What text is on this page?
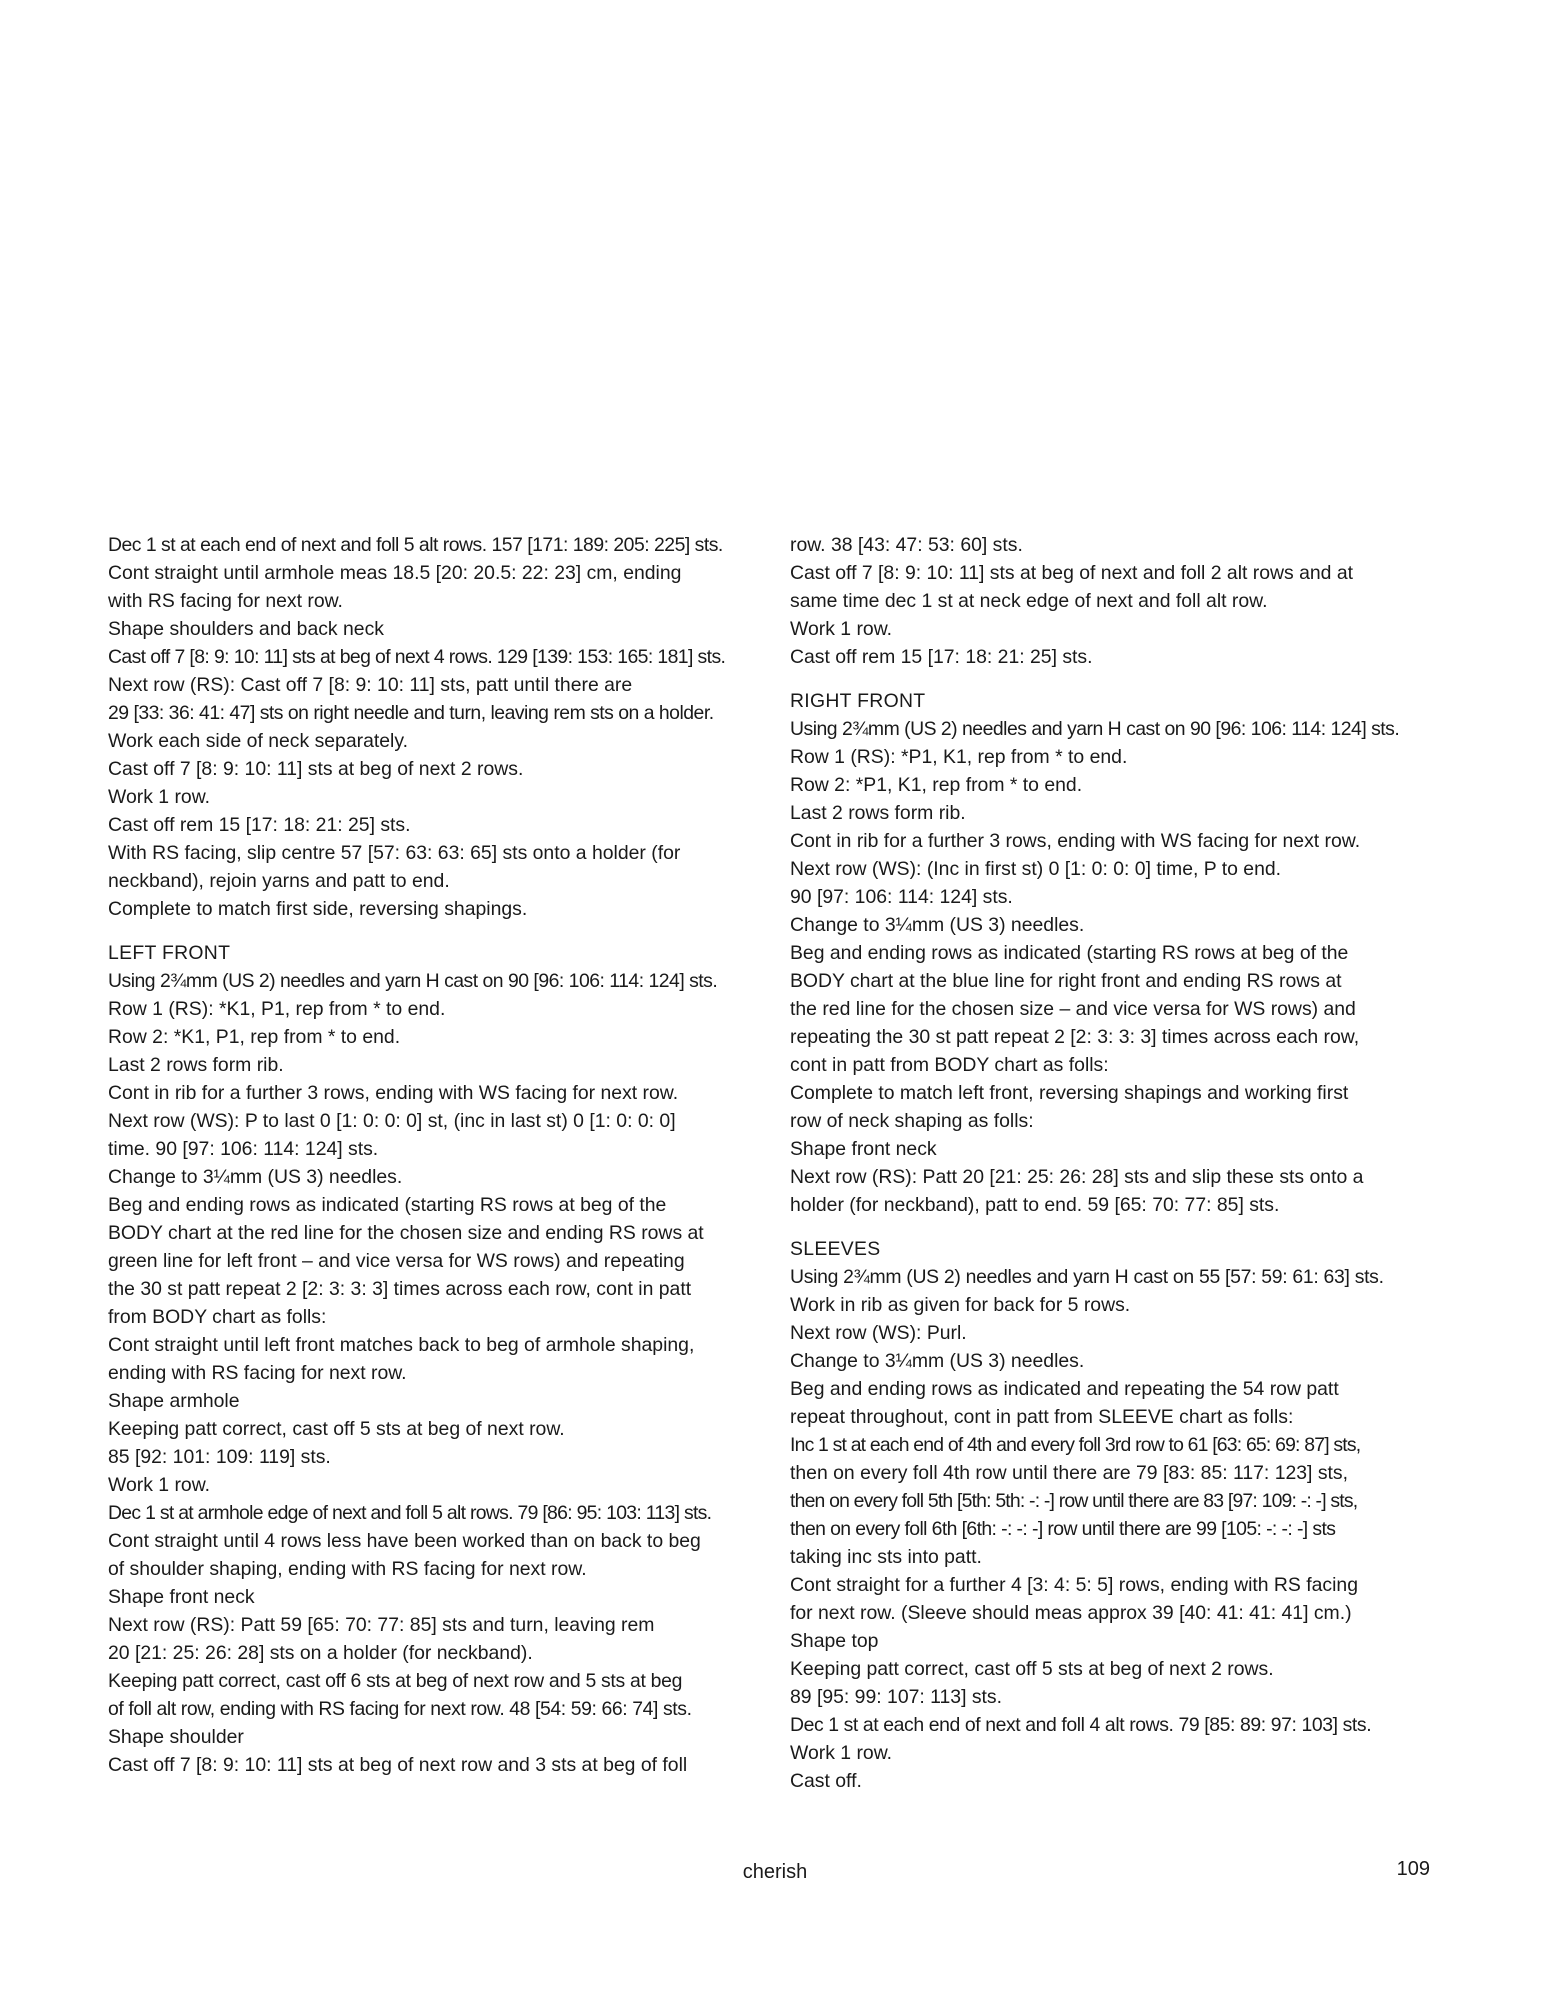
Dec 1 st at each end of next and foll 5 alt rows. 157 [171: 189: 205: 225] sts.
Cont straight until armhole meas 18.5 [20: 20.5: 22: 23] cm, ending
with RS facing for next row.
Shape shoulders and back neck
Cast off 7 [8: 9: 10: 11] sts at beg of next 4 rows. 129 [139: 153: 165: 181] sts.
Next row (RS): Cast off 7 [8: 9: 10: 11] sts, patt until there are
29 [33: 36: 41: 47] sts on right needle and turn, leaving rem sts on a holder.
Work each side of neck separately.
Cast off 7 [8: 9: 10: 11] sts at beg of next 2 rows.
Work 1 row.
Cast off rem 15 [17: 18: 21: 25] sts.
With RS facing, slip centre 57 [57: 63: 63: 65] sts onto a holder (for
neckband), rejoin yarns and patt to end.
Complete to match first side, reversing shapings.
LEFT FRONT
Using 2¾mm (US 2) needles and yarn H cast on 90 [96: 106: 114: 124] sts.
Row 1 (RS): *K1, P1, rep from * to end.
Row 2: *K1, P1, rep from * to end.
Last 2 rows form rib.
Cont in rib for a further 3 rows, ending with WS facing for next row.
Next row (WS): P to last 0 [1: 0: 0: 0] st, (inc in last st) 0 [1: 0: 0: 0]
time. 90 [97: 106: 114: 124] sts.
Change to 3¼mm (US 3) needles.
Beg and ending rows as indicated (starting RS rows at beg of the
BODY chart at the red line for the chosen size and ending RS rows at
green line for left front – and vice versa for WS rows) and repeating
the 30 st patt repeat 2 [2: 3: 3: 3] times across each row, cont in patt
from BODY chart as folls:
Cont straight until left front matches back to beg of armhole shaping,
ending with RS facing for next row.
Shape armhole
Keeping patt correct, cast off 5 sts at beg of next row.
85 [92: 101: 109: 119] sts.
Work 1 row.
Dec 1 st at armhole edge of next and foll 5 alt rows. 79 [86: 95: 103: 113] sts.
Cont straight until 4 rows less have been worked than on back to beg
of shoulder shaping, ending with RS facing for next row.
Shape front neck
Next row (RS): Patt 59 [65: 70: 77: 85] sts and turn, leaving rem
20 [21: 25: 26: 28] sts on a holder (for neckband).
Keeping patt correct, cast off 6 sts at beg of next row and 5 sts at beg
of foll alt row, ending with RS facing for next row. 48 [54: 59: 66: 74] sts.
Shape shoulder
Cast off 7 [8: 9: 10: 11] sts at beg of next row and 3 sts at beg of foll
row. 38 [43: 47: 53: 60] sts.
Cast off 7 [8: 9: 10: 11] sts at beg of next and foll 2 alt rows and at
same time dec 1 st at neck edge of next and foll alt row.
Work 1 row.
Cast off rem 15 [17: 18: 21: 25] sts.
RIGHT FRONT
Using 2¾mm (US 2) needles and yarn H cast on 90 [96: 106: 114: 124] sts.
Row 1 (RS): *P1, K1, rep from * to end.
Row 2: *P1, K1, rep from * to end.
Last 2 rows form rib.
Cont in rib for a further 3 rows, ending with WS facing for next row.
Next row (WS): (Inc in first st) 0 [1: 0: 0: 0] time, P to end.
90 [97: 106: 114: 124] sts.
Change to 3¼mm (US 3) needles.
Beg and ending rows as indicated (starting RS rows at beg of the
BODY chart at the blue line for right front and ending RS rows at
the red line for the chosen size – and vice versa for WS rows) and
repeating the 30 st patt repeat 2 [2: 3: 3: 3] times across each row,
cont in patt from BODY chart as folls:
Complete to match left front, reversing shapings and working first
row of neck shaping as folls:
Shape front neck
Next row (RS): Patt 20 [21: 25: 26: 28] sts and slip these sts onto a
holder (for neckband), patt to end. 59 [65: 70: 77: 85] sts.
SLEEVES
Using 2¾mm (US 2) needles and yarn H cast on 55 [57: 59: 61: 63] sts.
Work in rib as given for back for 5 rows.
Next row (WS): Purl.
Change to 3¼mm (US 3) needles.
Beg and ending rows as indicated and repeating the 54 row patt
repeat throughout, cont in patt from SLEEVE chart as folls:
Inc 1 st at each end of 4th and every foll 3rd row to 61 [63: 65: 69: 87] sts,
then on every foll 4th row until there are 79 [83: 85: 117: 123] sts,
then on every foll 5th [5th: 5th: -: -] row until there are 83 [97: 109: -: -] sts,
then on every foll 6th [6th: -: -: -] row until there are 99 [105: -: -: -] sts
taking inc sts into patt.
Cont straight for a further 4 [3: 4: 5: 5] rows, ending with RS facing
for next row. (Sleeve should meas approx 39 [40: 41: 41: 41] cm.)
Shape top
Keeping patt correct, cast off 5 sts at beg of next 2 rows.
89 [95: 99: 107: 113] sts.
Dec 1 st at each end of next and foll 4 alt rows. 79 [85: 89: 97: 103] sts.
Work 1 row.
Cast off.
cherish	109
